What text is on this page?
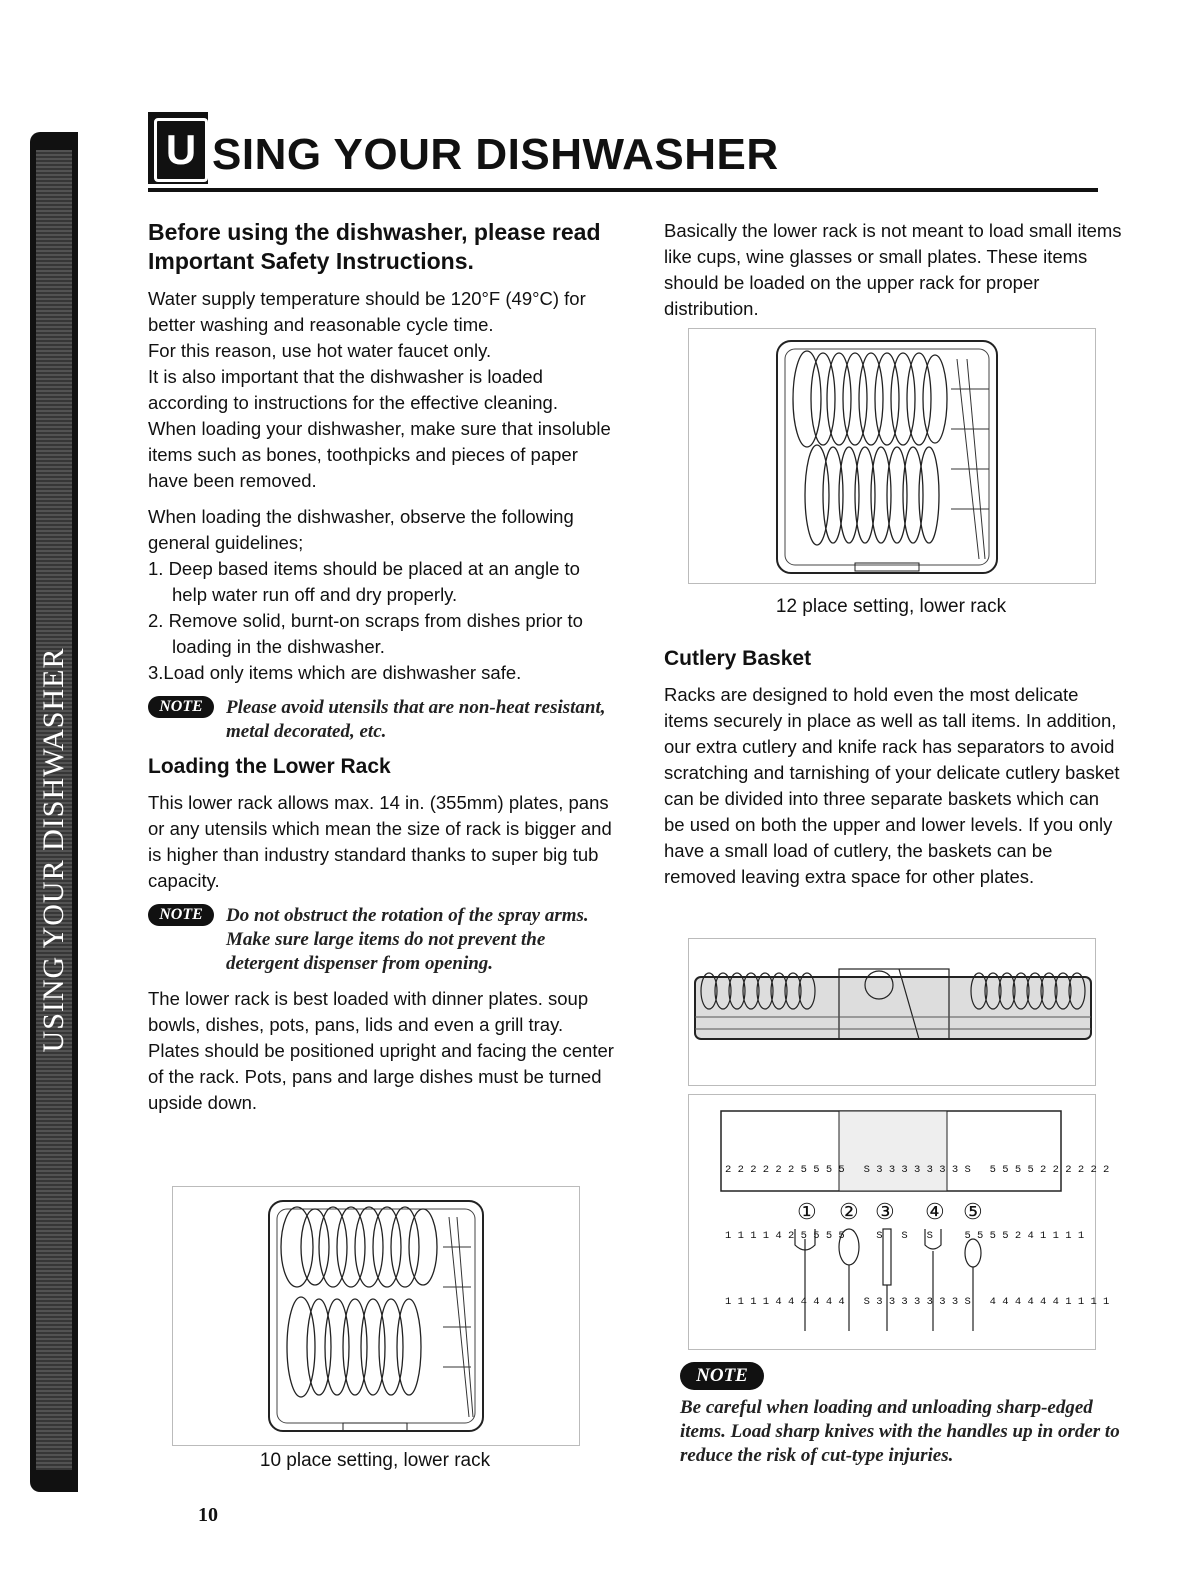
USING YOUR DISHWASHER
U SING YOUR DISHWASHER

Before using the dishwasher, please read Important Safety Instructions.

Water supply temperature should be 120°F (49°C) for better washing and reasonable cycle time.
For this reason, use hot water faucet only.
It is also important that the dishwasher is loaded according to instructions for the effective cleaning.
When loading your dishwasher, make sure that insoluble items such as bones, toothpicks and pieces of paper have been removed.

When loading the dishwasher, observe the following general guidelines;

1. Deep based items should be placed at an angle to help water run off and dry properly.
2. Remove solid, burnt-on scraps from dishes prior to loading in the dishwasher.
3.Load only items which are dishwasher safe.
NOTE	Please avoid utensils that are non-heat resistant, metal decorated, etc.
Loading the Lower Rack

This lower rack allows max. 14 in. (355mm) plates, pans or any utensils which mean the size of rack is bigger and is higher than industry standard thanks to super big tub capacity.

NOTE	Do not obstruct the rotation of the spray arms. Make sure large items do not prevent the detergent dispenser from opening.

The lower rack is best loaded with dinner plates. soup bowls, dishes, pots, pans, lids and even a grill tray. Plates should be positioned upright and facing the center of the rack. Pots, pans and large dishes must be turned upside down.

10 place setting, lower rack

Basically the lower rack is not meant to load small items like cups, wine glasses or small plates. These items should be loaded on the upper rack for proper distribution.

12 place setting, lower rack
Cutlery Basket

Racks are designed to hold even the most delicate items securely in place as well as tall items. In addition, our extra cutlery and knife rack has separators to avoid scratching and tarnishing of your delicate cutlery basket can be divided into three separate baskets which can be used on both the upper and lower levels. If you only have a small load of cutlery, the baskets can be removed leaving extra space for other plates.

2 2 2 2 2 2 5 5 5 5   S 3 3 3 3 3 3 3 S   5 5 5 5 2 2 2 2 2 2

1 1 1 1 4 2 5 5 5 5     S   S   S     5 5 5 5 2 4 1 1 1 1

1 1 1 1 4 4 4 4 4 4   S 3 3 3 3 3 3 3 S   4 4 4 4 4 4 1 1 1 1

① ② ③ ④ ⑤
NOTE
Be careful when loading and unloading sharp-edged items. Load sharp knives with the handles up in order to reduce the risk of cut-type injuries.
10
